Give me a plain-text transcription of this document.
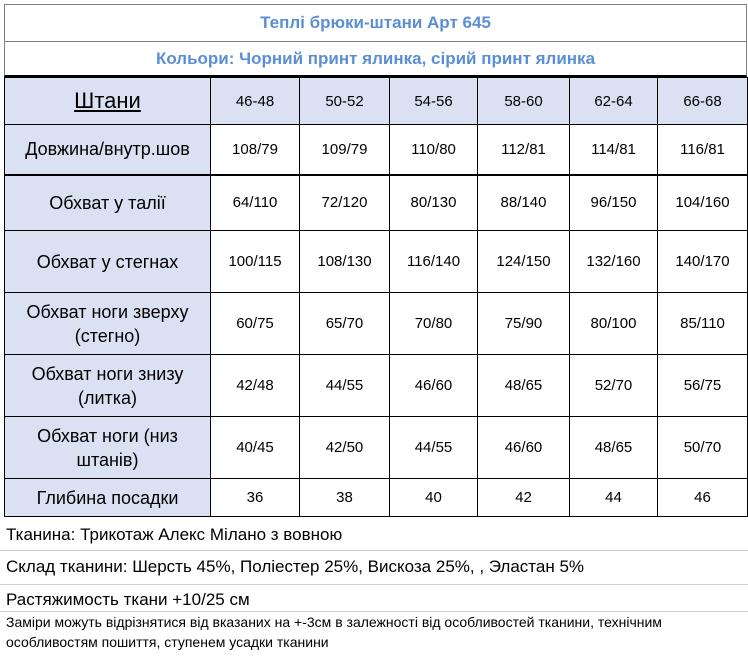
Теплі брюки-штани Арт 645
Кольори: Чорний принт ялинка, сірий принт ялинка
Штани	46-48	50-52	54-56	58-60	62-64	66-68
Довжина/внутр.шов	108/79	109/79	110/80	112/81	114/81	116/81
Обхват у талії	64/110	72/120	80/130	88/140	96/150	104/160
Обхват у стегнах	100/115	108/130	116/140	124/150	132/160	140/170
Обхват ноги зверху (стегно)	60/75	65/70	70/80	75/90	80/100	85/110
Обхват ноги знизу (литка)	42/48	44/55	46/60	48/65	52/70	56/75
Обхват ноги (низ штанів)	40/45	42/50	44/55	46/60	48/65	50/70
Глибина посадки	36	38	40	42	44	46
Тканина: Трикотаж Алекс Мілано з вовною
Склад тканини: Шерсть 45%, Поліестер 25%, Вискоза 25%, , Эластан 5%
Растяжимость ткани +10/25 см
Заміри можуть відрізнятися від вказаних на +-3см в залежності від особливостей тканини, технічним особливостям пошиття, ступенем усадки тканини
